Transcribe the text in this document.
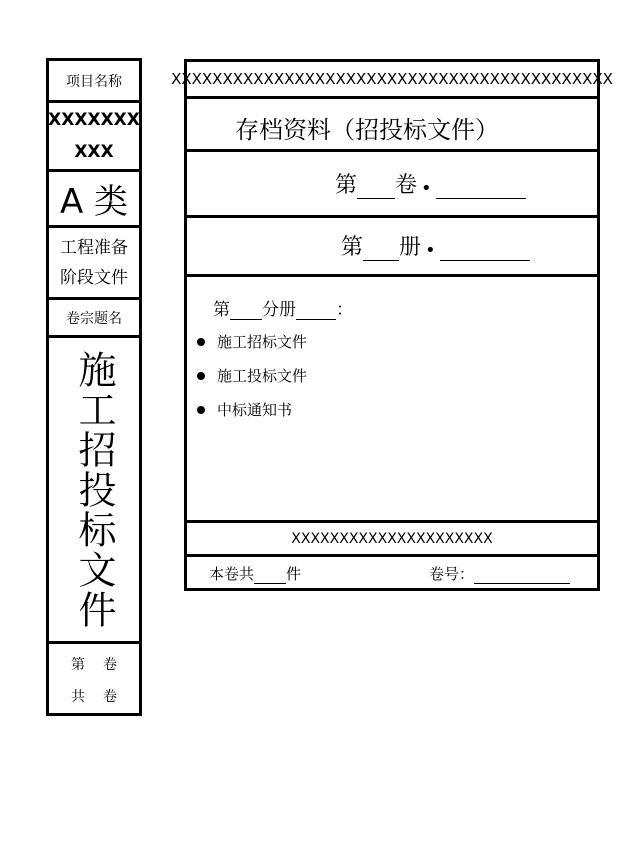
项目名称
XXXXXXX
XXX
A 类
工程准备
阶段文件
卷宗题名
施工招投标文件
第 卷
共 卷
XXXXXXXXXXXXXXXXXXXXXXXXXXXXXXXXXXXXXXXXXXX
存档资料（招投标文件）
第 卷 •
第 册 •
第 分册 ：
施工招标文件
施工投标文件
中标通知书
XXXXXXXXXXXXXXXXXXXXX
本卷共 件	卷号：
